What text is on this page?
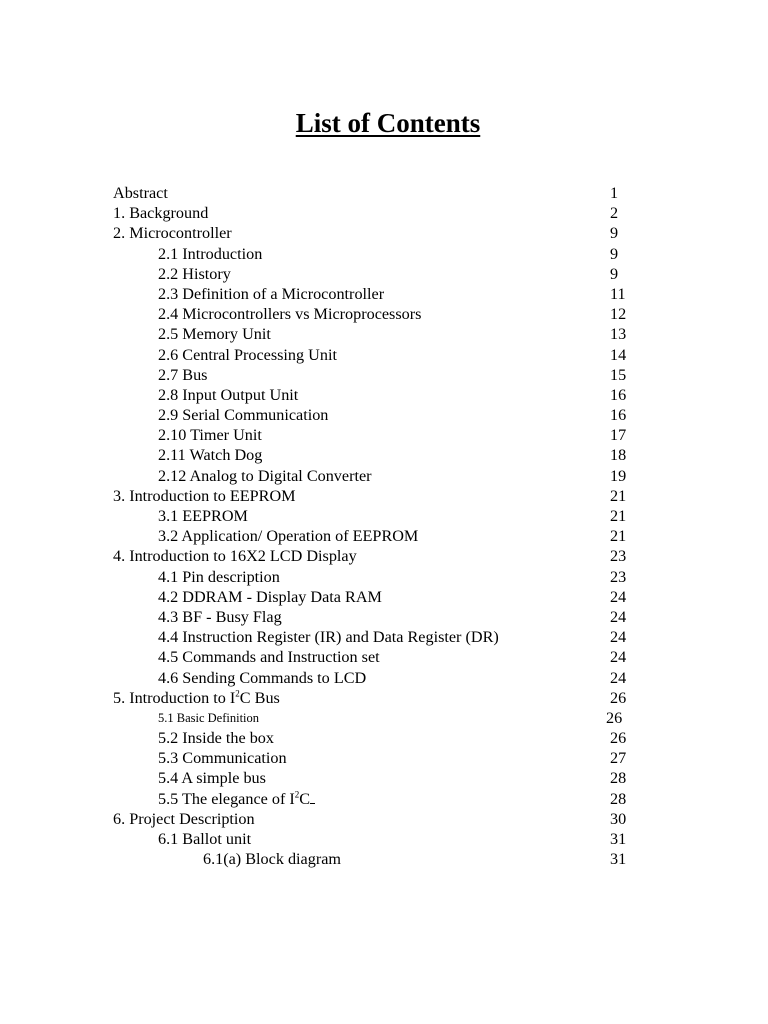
List of Contents
Abstract	1
1. Background	2
2. Microcontroller	9
2.1 Introduction	9
2.2 History	9
2.3 Definition of a Microcontroller	11
2.4 Microcontrollers vs Microprocessors	12
2.5 Memory Unit	13
2.6 Central Processing Unit	14
2.7 Bus	15
2.8 Input Output Unit	16
2.9 Serial Communication	16
2.10 Timer Unit	17
2.11 Watch Dog	18
2.12 Analog to Digital Converter	19
3. Introduction to EEPROM	21
3.1 EEPROM	21
3.2 Application/ Operation of EEPROM	21
4. Introduction to 16X2 LCD Display	23
4.1 Pin description	23
4.2 DDRAM - Display Data RAM	24
4.3 BF - Busy Flag	24
4.4 Instruction Register (IR) and Data Register (DR)	24
4.5 Commands and Instruction set	24
4.6 Sending Commands to LCD	24
5. Introduction to $I^2C$ Bus	26
5.1 Basic Definition	26
5.2 Inside the box	26
5.3 Communication	27
5.4 A simple bus	28
5.5 The elegance of $I^2C$	28
6. Project Description	30
6.1 Ballot unit	31
6.1(a) Block diagram	31
